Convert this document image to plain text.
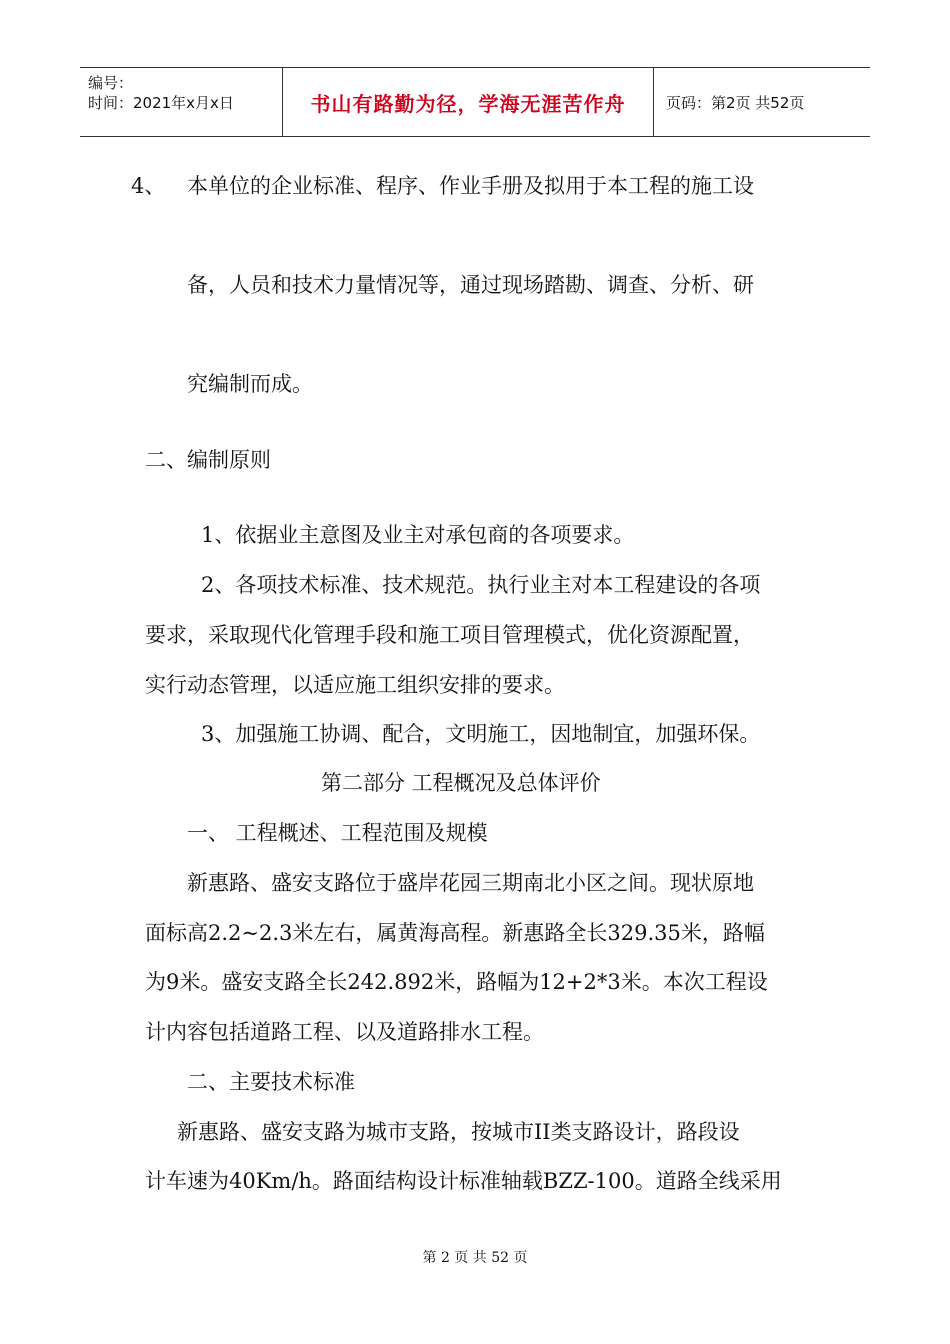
编号：
时间：2021年x月x日	书山有路勤为径，学海无涯苦作舟	页码：第2页 共52页
4、 本单位的企业标准、程序、作业手册及拟用于本工程的施工设
备，人员和技术力量情况等，通过现场踏勘、调查、分析、研
究编制而成。
二、编制原则
1、依据业主意图及业主对承包商的各项要求。
2、各项技术标准、技术规范。执行业主对本工程建设的各项
要求，采取现代化管理手段和施工项目管理模式，优化资源配置，
实行动态管理，以适应施工组织安排的要求。
3、加强施工协调、配合，文明施工，因地制宜，加强环保。
第二部分 工程概况及总体评价
一、 工程概述、工程范围及规模
新惠路、盛安支路位于盛岸花园三期南北小区之间。现状原地
面标高2.2~2.3米左右，属黄海高程。新惠路全长329.35米，路幅
为9米。盛安支路全长242.892米，路幅为12+2*3米。本次工程设
计内容包括道路工程、以及道路排水工程。
二、主要技术标准
新惠路、盛安支路为城市支路，按城市II类支路设计，路段设
计车速为40Km/h。路面结构设计标准轴载BZZ-100。道路全线采用
第 2 页 共 52 页
